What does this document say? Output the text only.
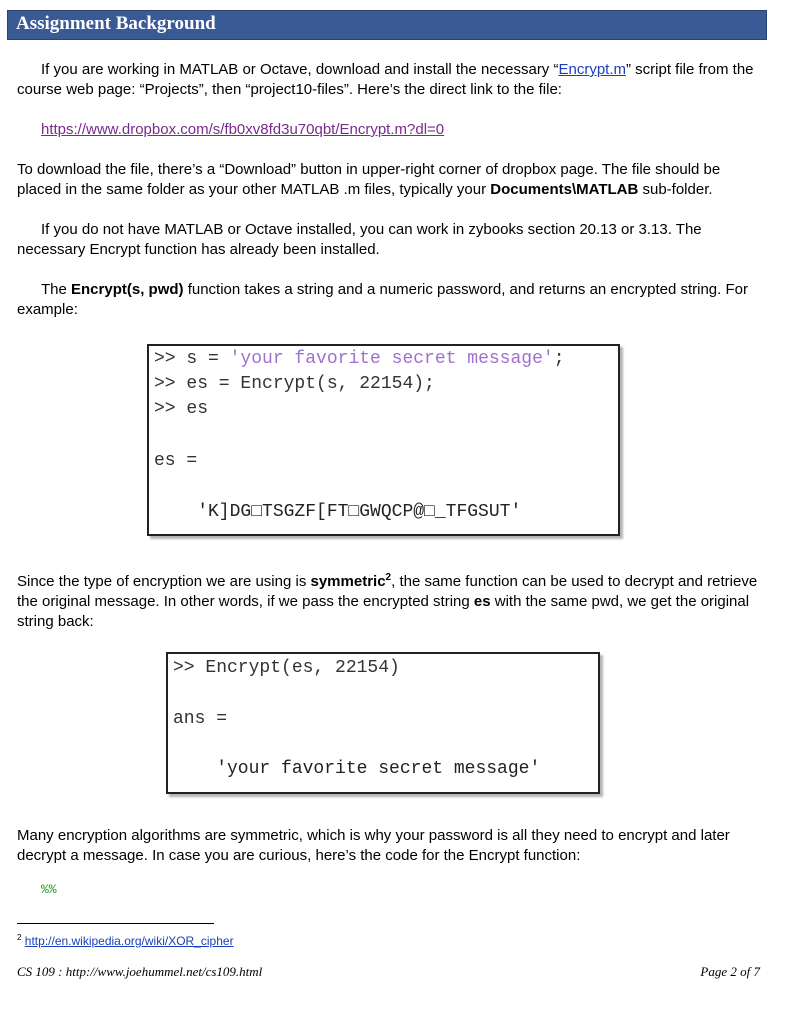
Assignment Background
If you are working in MATLAB or Octave, download and install the necessary “Encrypt.m” script file from the course web page: “Projects”, then “project10-files”. Here’s the direct link to the file:
https://www.dropbox.com/s/fb0xv8fd3u70qbt/Encrypt.m?dl=0
To download the file, there’s a “Download” button in upper-right corner of dropbox page. The file should be placed in the same folder as your other MATLAB .m files, typically your Documents\MATLAB sub-folder.
If you do not have MATLAB or Octave installed, you can work in zybooks section 20.13 or 3.13. The necessary Encrypt function has already been installed.
The Encrypt(s, pwd) function takes a string and a numeric password, and returns an encrypted string. For example:
>> s = 'your favorite secret message';
>> es = Encrypt(s, 22154);
>> es
es =
'K]DG□TSGZF[FT□GWQCP@□_TFGSUT'
Since the type of encryption we are using is symmetric$^2$, the same function can be used to decrypt and retrieve the original message. In other words, if we pass the encrypted string es with the same pwd, we get the original string back:
>> Encrypt(es, 22154)
ans =
'your favorite secret message'
Many encryption algorithms are symmetric, which is why your password is all they need to encrypt and later decrypt a message. In case you are curious, here’s the code for the Encrypt function:
%%
$^2$ http://en.wikipedia.org/wiki/XOR_cipher
CS 109 : http://www.joehummel.net/cs109.html	Page 2 of 7
